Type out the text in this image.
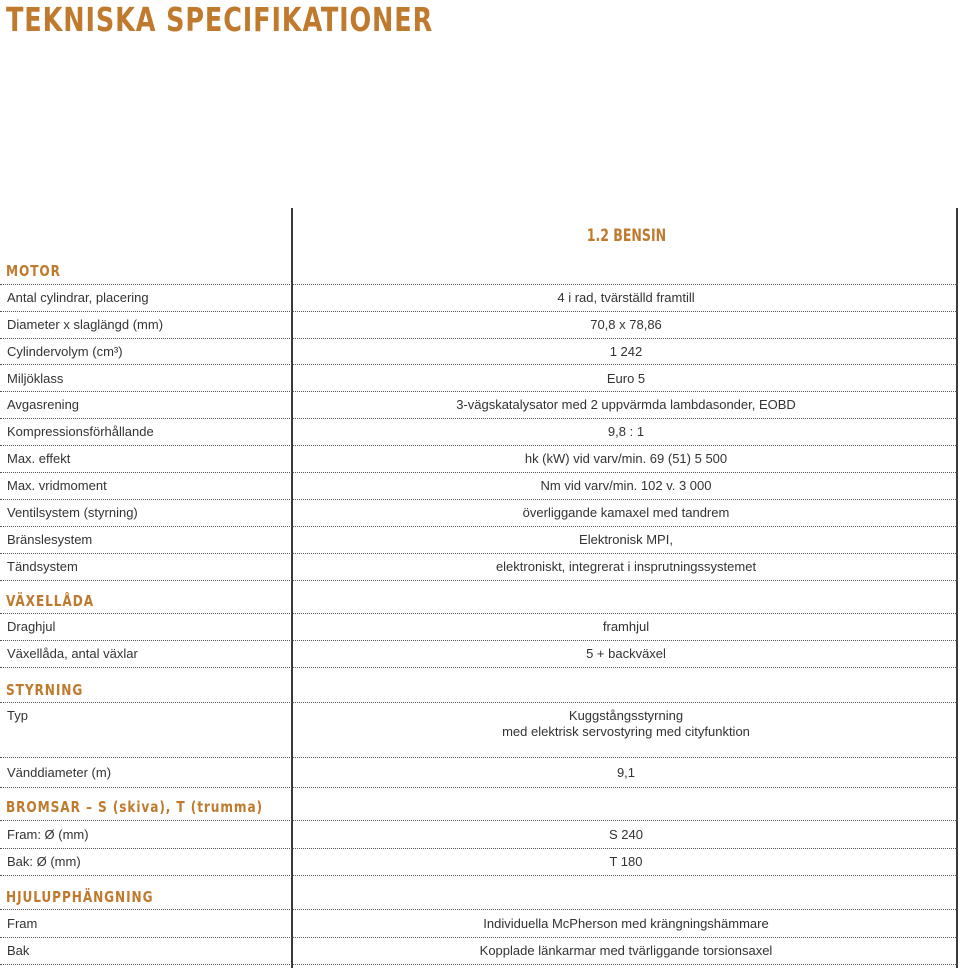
TEKNISKA SPECIFIKATIONER
1.2 BENSIN
MOTOR
Antal cylindrar, placering	4 i rad, tvärställd framtill
Diameter x slaglängd (mm)	70,8 x 78,86
Cylindervolym (cm³)	1 242
Miljöklass	Euro 5
Avgasrening	3-vägskatalysator med 2 uppvärmda lambdasonder, EOBD
Kompressionsförhållande	9,8 : 1
Max. effekt	hk (kW) vid varv/min. 69 (51) 5 500
Max. vridmoment	Nm vid varv/min. 102 v. 3 000
Ventilsystem (styrning)	överliggande kamaxel med tandrem
Bränslesystem	Elektronisk MPI,
Tändsystem	elektroniskt, integrerat i insprutningssystemet
VÄXELLÅDA
Draghjul	framhjul
Växellåda, antal växlar	5 + backväxel
STYRNING
Typ	Kuggstångsstyrning
med elektrisk servostyring med cityfunktion
Vänddiameter (m)	9,1
BROMSAR – S (skiva), T (trumma)
Fram: Ø (mm)	S 240
Bak: Ø (mm)	T 180
HJULUPPHÄNGNING
Fram	Individuella McPherson med krängningshämmare
Bak	Kopplade länkarmar med tvärliggande torsionsaxel
